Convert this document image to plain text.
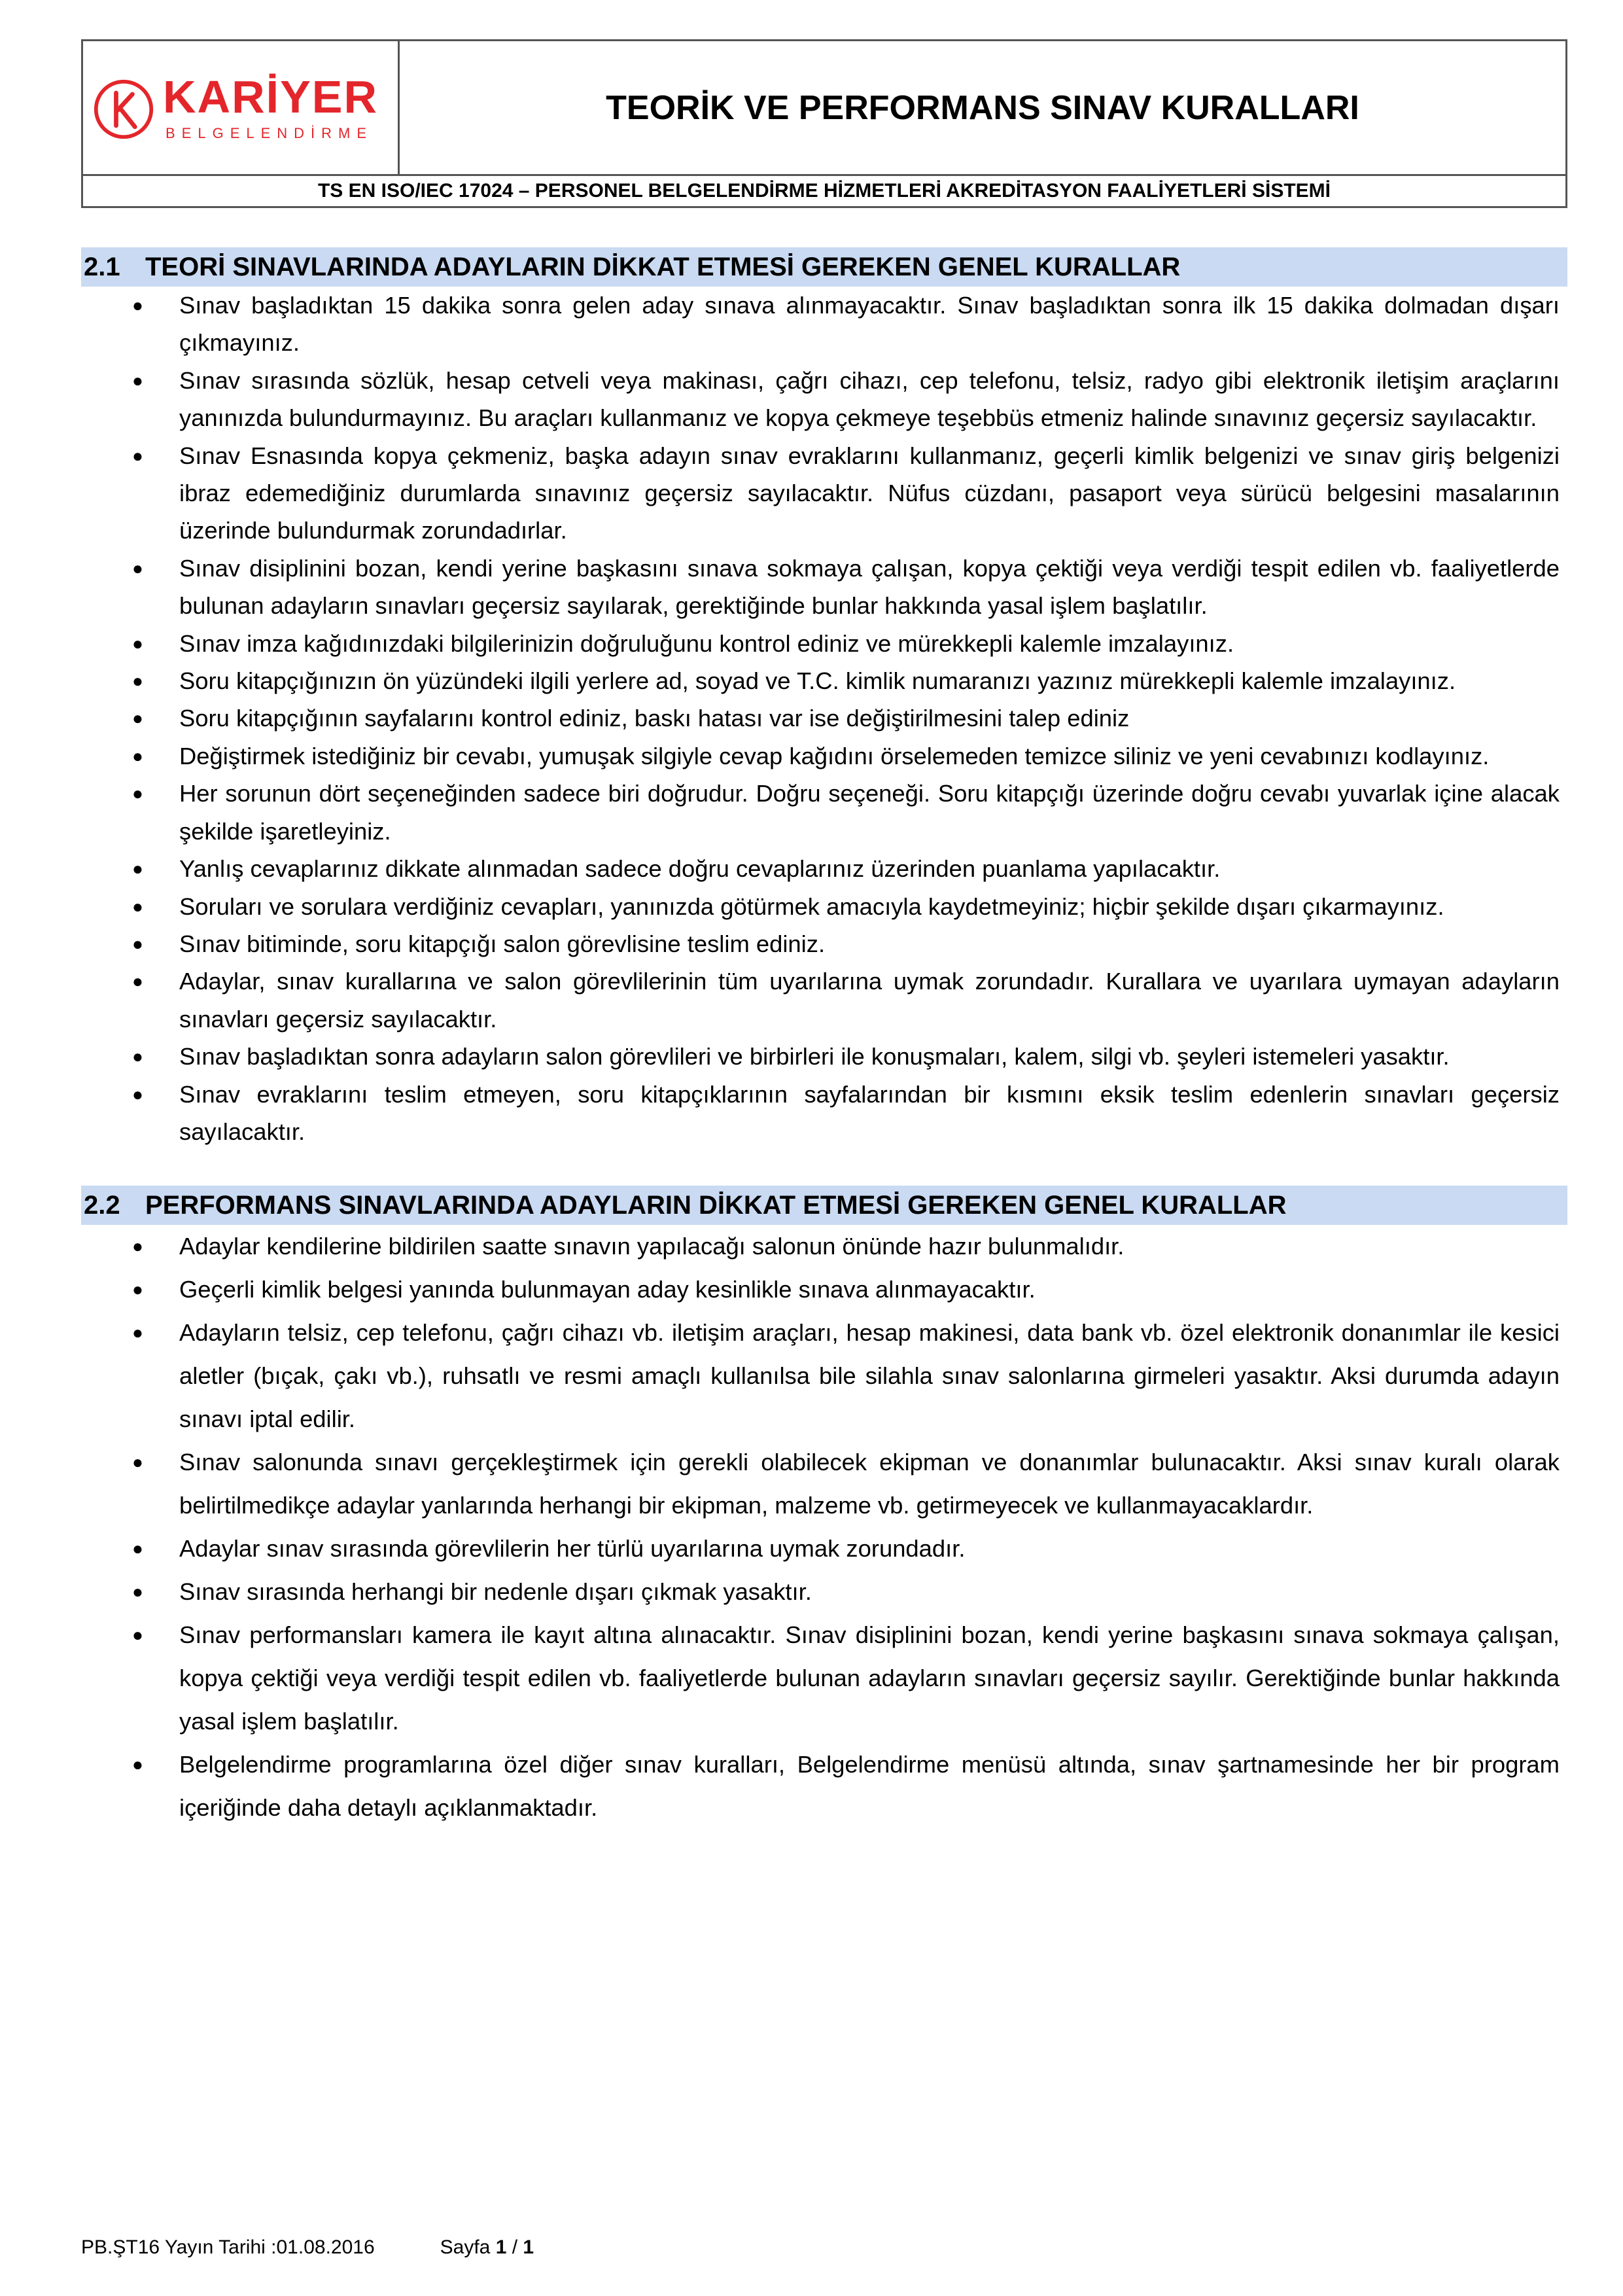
KARİYER
BELGELENDİRME
TEORİK VE PERFORMANS SINAV KURALLARI
TS EN ISO/IEC 17024 – PERSONEL BELGELENDİRME HİZMETLERİ AKREDİTASYON FAALİYETLERİ SİSTEMİ
2.1 TEORİ SINAVLARINDA ADAYLARIN DİKKAT ETMESİ GEREKEN GENEL KURALLAR
● Sınav başladıktan 15 dakika sonra gelen aday sınava alınmayacaktır. Sınav başladıktan sonra ilk 15 dakika dolmadan dışarı çıkmayınız.
● Sınav sırasında sözlük, hesap cetveli veya makinası, çağrı cihazı, cep telefonu, telsiz, radyo gibi elektronik iletişim araçlarını yanınızda bulundurmayınız. Bu araçları kullanmanız ve kopya çekmeye teşebbüs etmeniz halinde sınavınız geçersiz sayılacaktır.
● Sınav Esnasında kopya çekmeniz, başka adayın sınav evraklarını kullanmanız, geçerli kimlik belgenizi ve sınav giriş belgenizi ibraz edemediğiniz durumlarda sınavınız geçersiz sayılacaktır. Nüfus cüzdanı, pasaport veya sürücü belgesini masalarının üzerinde bulundurmak zorundadırlar.
● Sınav disiplinini bozan, kendi yerine başkasını sınava sokmaya çalışan, kopya çektiği veya verdiği tespit edilen vb. faaliyetlerde bulunan adayların sınavları geçersiz sayılarak, gerektiğinde bunlar hakkında yasal işlem başlatılır.
● Sınav imza kağıdınızdaki bilgilerinizin doğruluğunu kontrol ediniz ve mürekkepli kalemle imzalayınız.
● Soru kitapçığınızın ön yüzündeki ilgili yerlere ad, soyad ve T.C. kimlik numaranızı yazınız mürekkepli kalemle imzalayınız.
● Soru kitapçığının sayfalarını kontrol ediniz, baskı hatası var ise değiştirilmesini talep ediniz
● Değiştirmek istediğiniz bir cevabı, yumuşak silgiyle cevap kağıdını örselemeden temizce siliniz ve yeni cevabınızı kodlayınız.
● Her sorunun dört seçeneğinden sadece biri doğrudur. Doğru seçeneği. Soru kitapçığı üzerinde doğru cevabı yuvarlak içine alacak şekilde işaretleyiniz.
● Yanlış cevaplarınız dikkate alınmadan sadece doğru cevaplarınız üzerinden puanlama yapılacaktır.
● Soruları ve sorulara verdiğiniz cevapları, yanınızda götürmek amacıyla kaydetmeyiniz; hiçbir şekilde dışarı çıkarmayınız.
● Sınav bitiminde, soru kitapçığı salon görevlisine teslim ediniz.
● Adaylar, sınav kurallarına ve salon görevlilerinin tüm uyarılarına uymak zorundadır. Kurallara ve uyarılara uymayan adayların sınavları geçersiz sayılacaktır.
● Sınav başladıktan sonra adayların salon görevlileri ve birbirleri ile konuşmaları, kalem, silgi vb. şeyleri istemeleri yasaktır.
● Sınav evraklarını teslim etmeyen, soru kitapçıklarının sayfalarından bir kısmını eksik teslim edenlerin sınavları geçersiz sayılacaktır.
2.2 PERFORMANS SINAVLARINDA ADAYLARIN DİKKAT ETMESİ GEREKEN GENEL KURALLAR
● Adaylar kendilerine bildirilen saatte sınavın yapılacağı salonun önünde hazır bulunmalıdır.
● Geçerli kimlik belgesi yanında bulunmayan aday kesinlikle sınava alınmayacaktır.
● Adayların telsiz, cep telefonu, çağrı cihazı vb. iletişim araçları, hesap makinesi, data bank vb. özel elektronik donanımlar ile kesici aletler (bıçak, çakı vb.), ruhsatlı ve resmi amaçlı kullanılsa bile silahla sınav salonlarına girmeleri yasaktır. Aksi durumda adayın sınavı iptal edilir.
● Sınav salonunda sınavı gerçekleştirmek için gerekli olabilecek ekipman ve donanımlar bulunacaktır. Aksi sınav kuralı olarak belirtilmedikçe adaylar yanlarında herhangi bir ekipman, malzeme vb. getirmeyecek ve kullanmayacaklardır.
● Adaylar sınav sırasında görevlilerin her türlü uyarılarına uymak zorundadır.
● Sınav sırasında herhangi bir nedenle dışarı çıkmak yasaktır.
● Sınav performansları kamera ile kayıt altına alınacaktır. Sınav disiplinini bozan, kendi yerine başkasını sınava sokmaya çalışan, kopya çektiği veya verdiği tespit edilen vb. faaliyetlerde bulunan adayların sınavları geçersiz sayılır. Gerektiğinde bunlar hakkında yasal işlem başlatılır.
● Belgelendirme programlarına özel diğer sınav kuralları, Belgelendirme menüsü altında, sınav şartnamesinde her bir program içeriğinde daha detaylı açıklanmaktadır.
PB.ŞT16 Yayın Tarihi :01.08.2016	Sayfa 1 / 1
